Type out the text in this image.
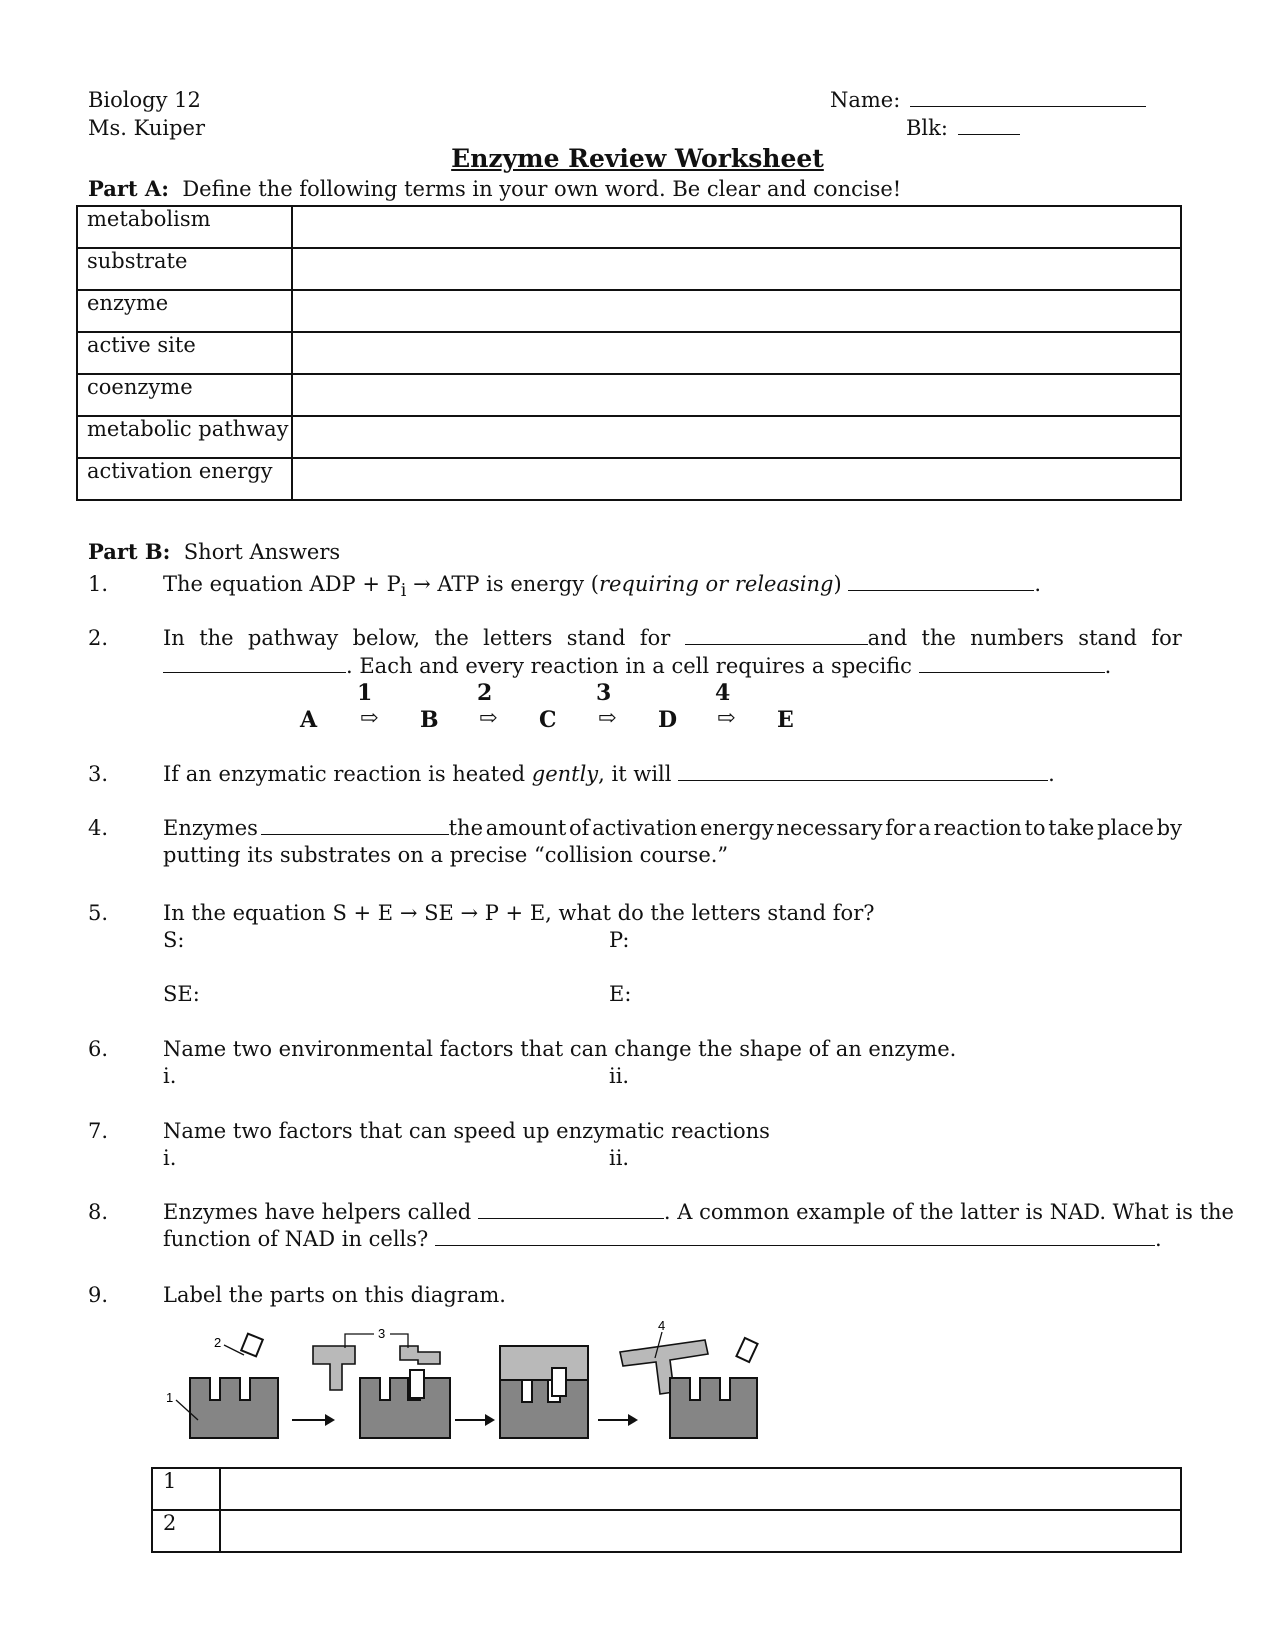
Biology 12
Ms. Kuiper
Name:
Blk:
Enzyme Review Worksheet
Part A: Define the following terms in your own word. Be clear and concise!
metabolism	
substrate	
enzyme	
active site	
coenzyme	
metabolic pathway	
activation energy	
Part B: Short Answers
1.	The equation ADP + $P_i$ → ATP is energy (requiring or releasing)	.
2.	In the pathway below, the letters stand for	and the numbers stand for
. Each and every reaction in a cell requires a specific	.
1	2	3	4
A ⇨ B ⇨ C ⇨ D ⇨ E
3.	If an enzymatic reaction is heated gently, it will	.
4.	Enzymes	the amount of activation energy necessary for a reaction to take place by
putting its substrates on a precise “collision course.”
5.	In the equation S + E → SE → P + E, what do the letters stand for?
S:	P:
SE:	E:
6.	Name two environmental factors that can change the shape of an enzyme.
i.	ii.
7.	Name two factors that can speed up enzymatic reactions
i.	ii.
8.	Enzymes have helpers called	. A common example of the latter is NAD. What is the
function of NAD in cells?	.
9.	Label the parts on this diagram.
1
2
3
4
1	
2	
